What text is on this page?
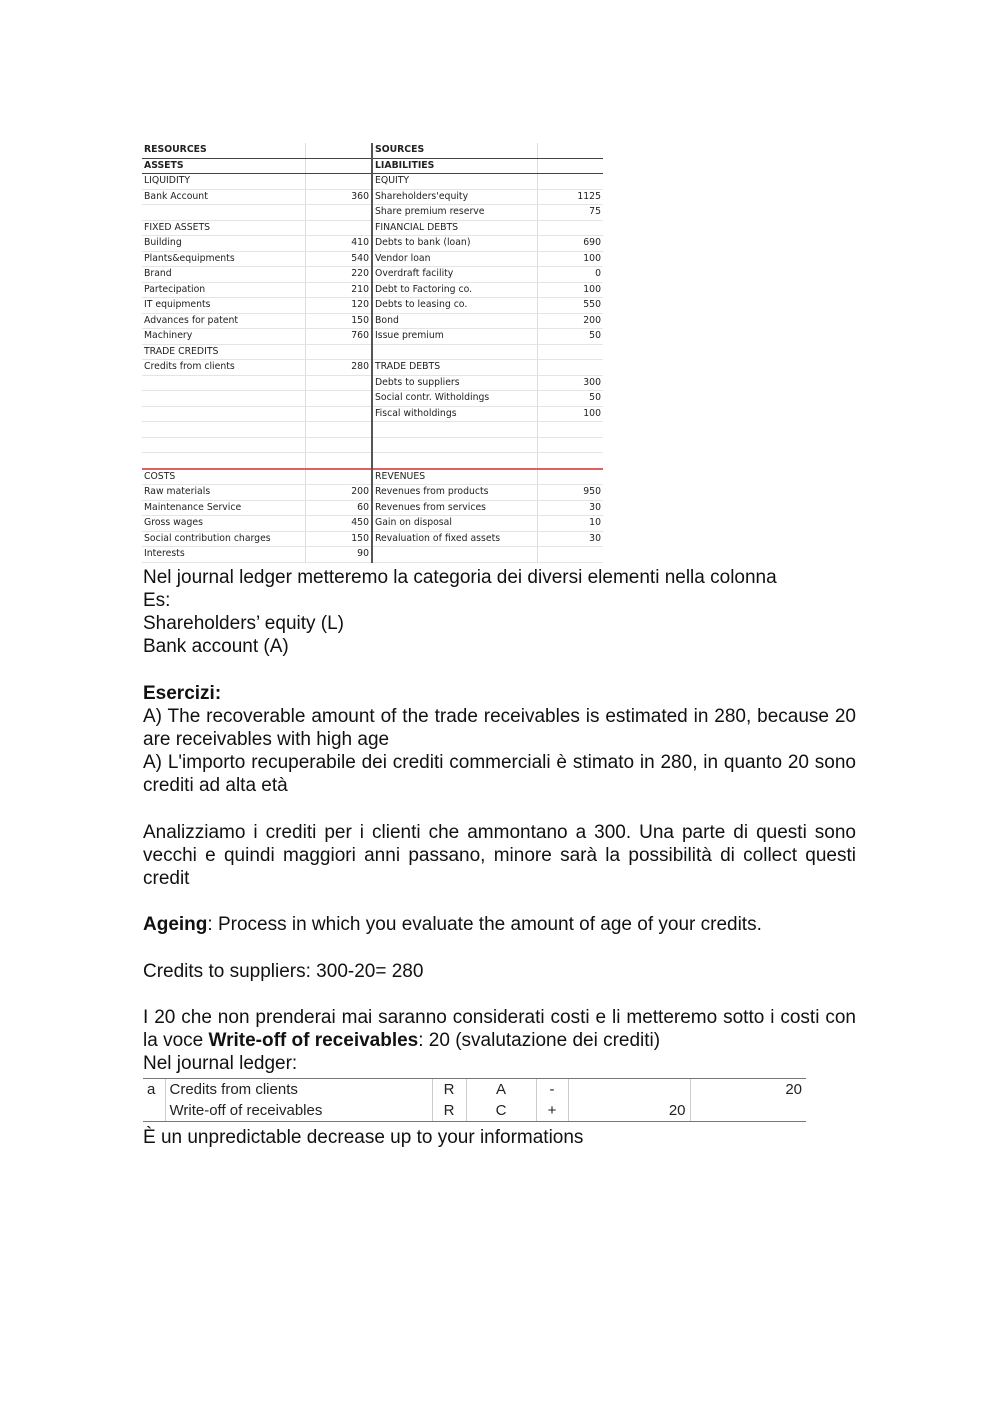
RESOURCES		SOURCES	
ASSETS		LIABILITIES	
LIQUIDITY		EQUITY	
Bank Account	360	Shareholders'equity	1125
		Share premium reserve	75
FIXED ASSETS		FINANCIAL DEBTS	
Building	410	Debts to bank (loan)	690
Plants&equipments	540	Vendor loan	100
Brand	220	Overdraft facility	0
Partecipation	210	Debt to Factoring co.	100
IT equipments	120	Debts to leasing co.	550
Advances for patent	150	Bond	200
Machinery	760	Issue premium	50
TRADE CREDITS			
Credits from clients	280	TRADE DEBTS	
		Debts to suppliers	300
		Social contr. Witholdings	50
		Fiscal witholdings	100

COSTS		REVENUES	
Raw materials	200	Revenues from products	950
Maintenance Service	60	Revenues from services	30
Gross wages	450	Gain on disposal	10
Social contribution charges	150	Revaluation of fixed assets	30
Interests	90		
Nel journal ledger metteremo la categoria dei diversi elementi nella colonna
Es:
Shareholders’ equity (L)
Bank account (A)
Esercizi:
A) The recoverable amount of the trade receivables is estimated in 280, because 20 are receivables with high age
A) L'importo recuperabile dei crediti commerciali è stimato in 280, in quanto 20 sono crediti ad alta età
Analizziamo i crediti per i clienti che ammontano a 300. Una parte di questi sono vecchi e quindi maggiori anni passano, minore sarà la possibilità di collect questi credit
Ageing: Process in which you evaluate the amount of age of your credits.
Credits to suppliers: 300-20= 280
I 20 che non prenderai mai saranno considerati costi e li metteremo sotto i costi con la voce Write-off of receivables: 20 (svalutazione dei crediti)
Nel journal ledger:
a	Credits from clients	R	A	-		20
	Write-off of receivables	R	C	+	20	
È un unpredictable decrease up to your informations
